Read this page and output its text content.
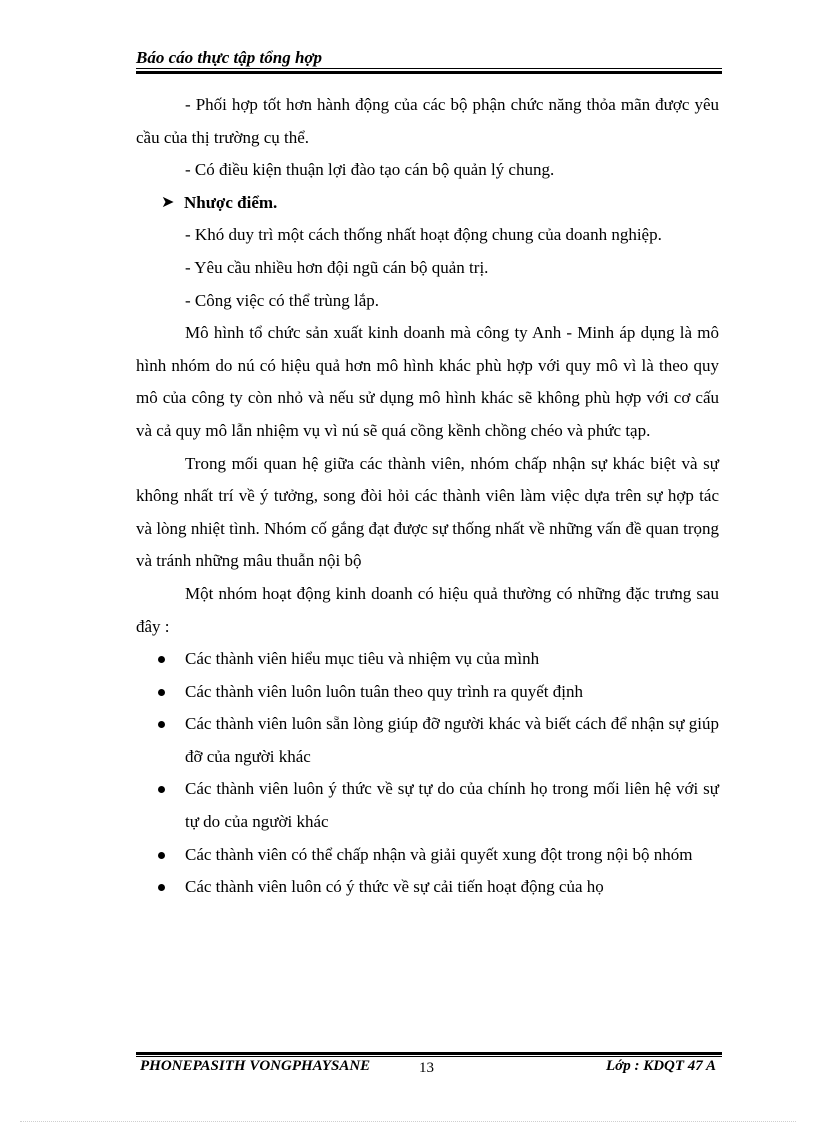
Báo cáo thực tập tổng hợp

- Phối hợp tốt hơn hành động của các bộ phận chức năng thỏa mãn được yêu cầu của thị trường cụ thể.

- Có điều kiện thuận lợi đào tạo cán bộ quản lý chung.

➤ Nhược điểm.

- Khó duy trì một cách thống nhất hoạt động chung của doanh nghiệp.

- Yêu cầu nhiều hơn đội ngũ cán bộ quản trị.

- Công việc có thể trùng lắp.

Mô hình tổ chức sản xuất kinh doanh mà công ty Anh - Minh áp dụng là mô hình nhóm do nú có hiệu quả hơn mô hình khác phù hợp với quy mô vì là theo quy mô của công ty còn nhỏ và nếu sử dụng mô hình khác sẽ không phù hợp với cơ cấu và cả quy mô lẫn nhiệm vụ vì nú sẽ quá cồng kềnh chồng chéo và phức tạp.

Trong mối quan hệ giữa các thành viên, nhóm chấp nhận sự khác biệt và sự không nhất trí về ý tưởng, song đòi hỏi các thành viên làm việc dựa trên sự hợp tác và lòng nhiệt tình. Nhóm cố gắng đạt được sự thống nhất về những vấn đề quan trọng và tránh những mâu thuẫn nội bộ

Một nhóm hoạt động kinh doanh có hiệu quả thường có những đặc trưng sau đây :

Các thành viên hiểu mục tiêu và nhiệm vụ của mình
Các thành viên luôn luôn tuân theo quy trình ra quyết định
Các thành viên luôn sẵn lòng giúp đỡ người khác và biết cách để nhận sự giúp đỡ của người khác
Các thành viên luôn ý thức về sự tự do của chính họ trong mối liên hệ với sự tự do của người khác
Các thành viên có thể chấp nhận và giải quyết xung đột trong nội bộ nhóm
Các thành viên luôn có ý thức về sự cải tiến hoạt động của họ
PHONEPASITH VONGPHAYSANE	13	Lớp : KDQT 47 A
